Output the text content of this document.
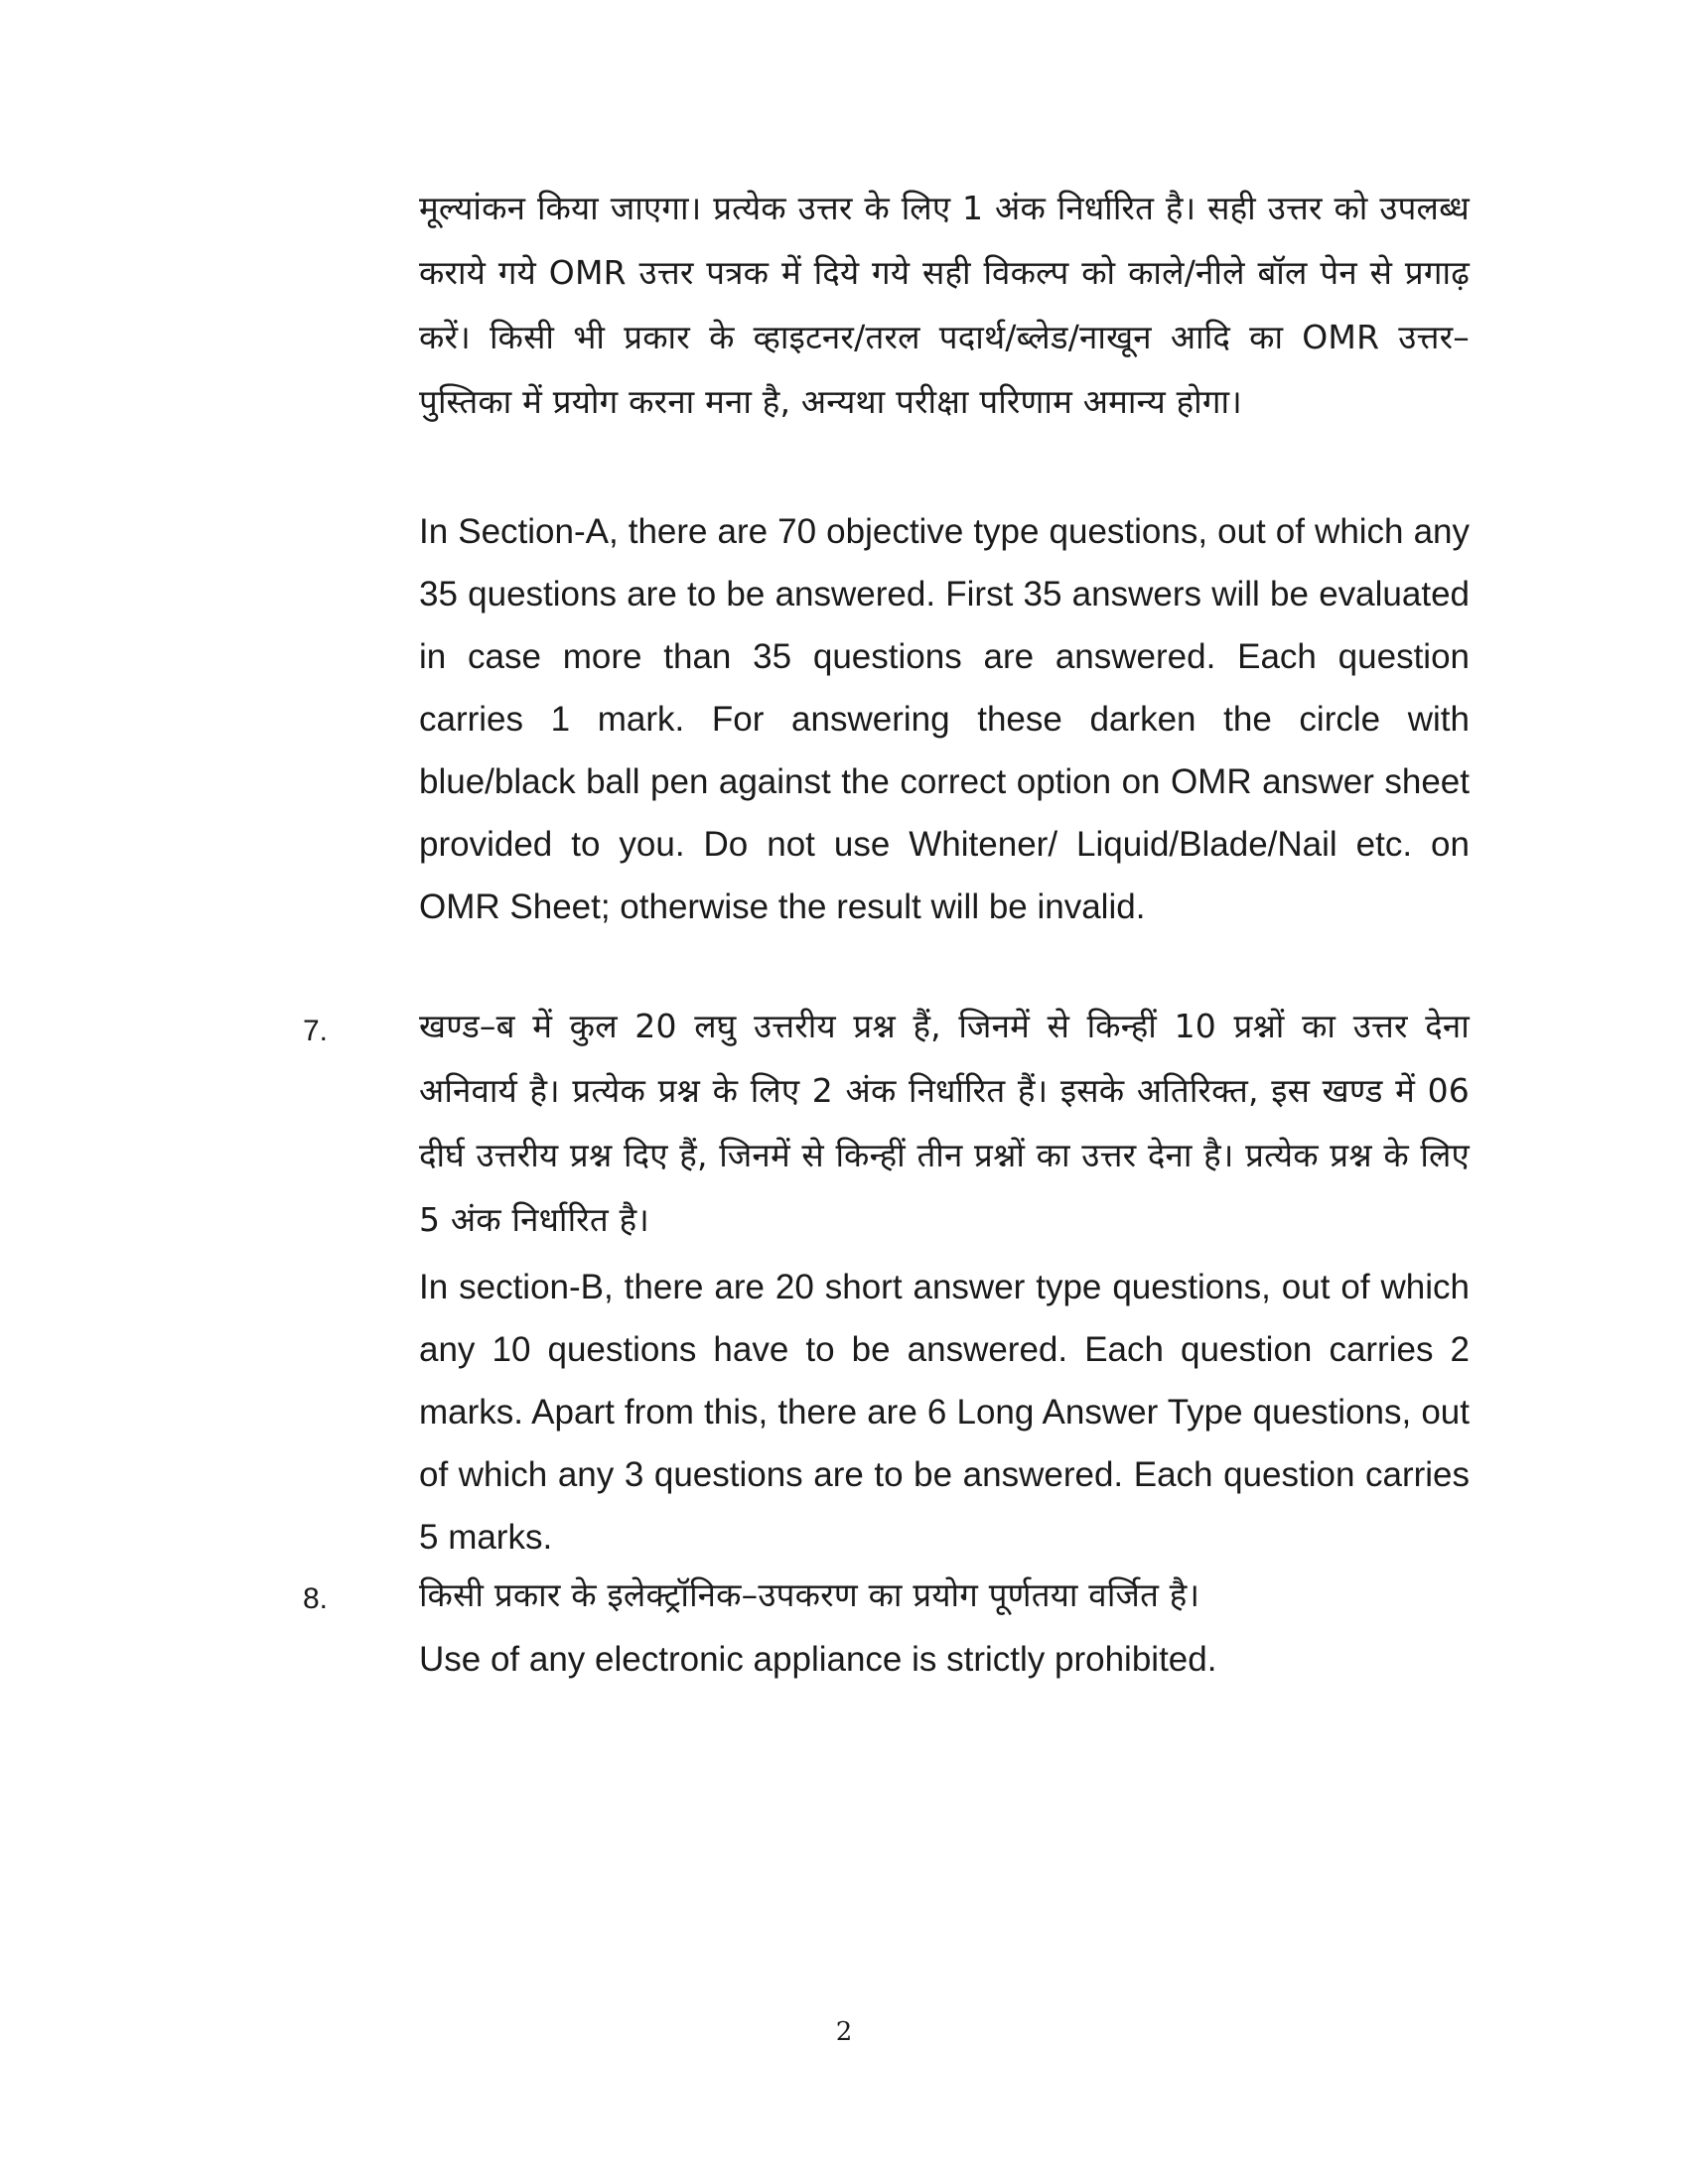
मूल्यांकन किया जाएगा। प्रत्येक उत्तर के लिए 1 अंक निर्धारित है। सही उत्तर को उपलब्ध कराये गये OMR उत्तर पत्रक में दिये गये सही विकल्प को काले/नीले बॉल पेन से प्रगाढ़ करें। किसी भी प्रकार के व्हाइटनर/तरल पदार्थ/ब्लेड/नाखून आदि का OMR उत्तर–पुस्तिका में प्रयोग करना मना है, अन्यथा परीक्षा परिणाम अमान्य होगा।

In Section-A, there are 70 objective type questions, out of which any 35 questions are to be answered. First 35 answers will be evaluated in case more than 35 questions are answered. Each question carries 1 mark. For answering these darken the circle with blue/black ball pen against the correct option on OMR answer sheet provided to you. Do not use Whitener/ Liquid/Blade/Nail etc. on OMR Sheet; otherwise the result will be invalid.

7.	खण्ड–ब में कुल 20 लघु उत्तरीय प्रश्न हैं, जिनमें से किन्हीं 10 प्रश्नों का उत्तर देना अनिवार्य है। प्रत्येक प्रश्न के लिए 2 अंक निर्धारित हैं। इसके अतिरिक्त, इस खण्ड में 06 दीर्घ उत्तरीय प्रश्न दिए हैं, जिनमें से किन्हीं तीन प्रश्नों का उत्तर देना है। प्रत्येक प्रश्न के लिए 5 अंक निर्धारित है।

In section-B, there are 20 short answer type questions, out of which any 10 questions have to be answered. Each question carries 2 marks. Apart from this, there are 6 Long Answer Type questions, out of which any 3 questions are to be answered. Each question carries 5 marks.

8.	किसी प्रकार के इलेक्ट्रॉनिक–उपकरण का प्रयोग पूर्णतया वर्जित है।

Use of any electronic appliance is strictly prohibited.

2
